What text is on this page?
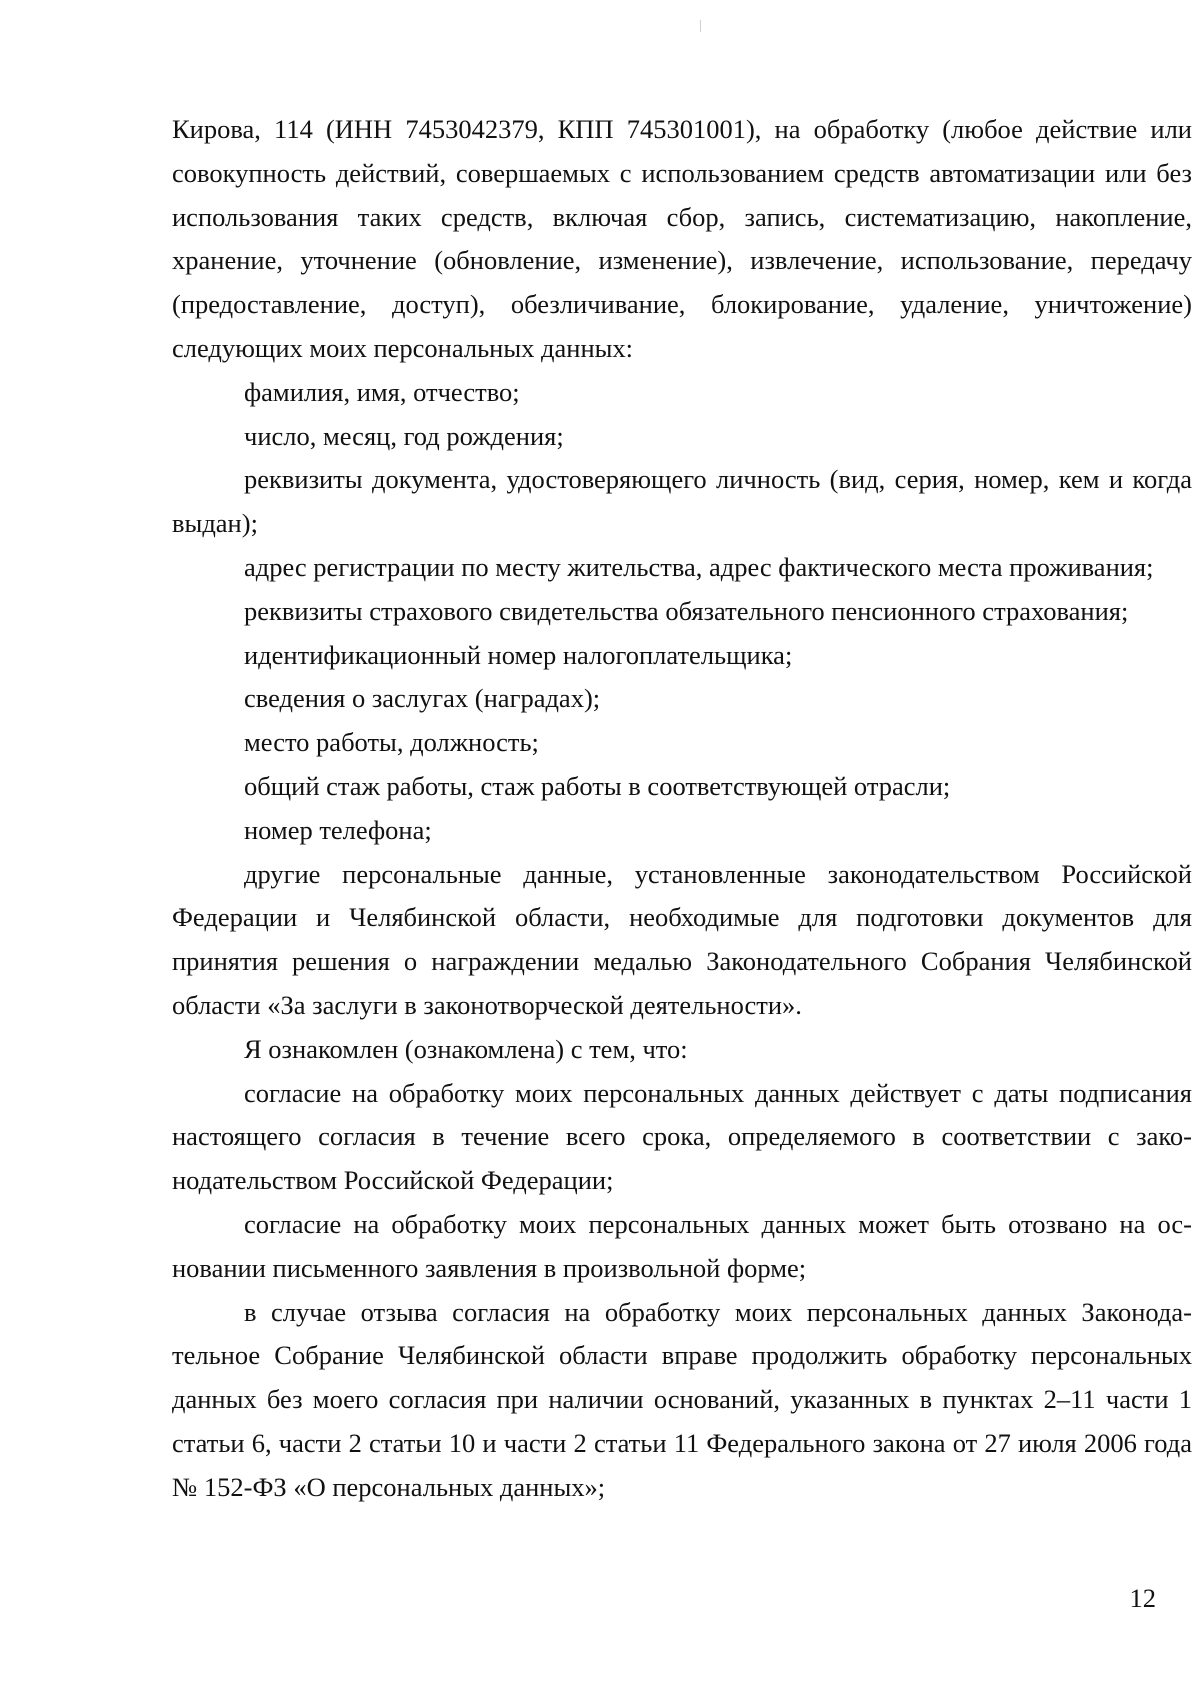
Кирова, 114 (ИНН 7453042379, КПП 745301001), на обработку (любое действие или совокупность действий, совершаемых с использованием средств автоматизации или без использования таких средств, включая сбор, запись, систематизацию, накопление, хранение, уточнение (обновление, изменение), извлечение, использование, передачу (предоставление, доступ), обезличивание, блокирование, удаление, уничтожение) следующих моих персональных данных:

фамилия, имя, отчество;

число, месяц, год рождения;

реквизиты документа, удостоверяющего личность (вид, серия, номер, кем и когда выдан);

адрес регистрации по месту жительства, адрес фактического места проживания;

реквизиты страхового свидетельства обязательного пенсионного страхования;

идентификационный номер налогоплательщика;

сведения о заслугах (наградах);

место работы, должность;

общий стаж работы, стаж работы в соответствующей отрасли;

номер телефона;

другие персональные данные, установленные законодательством Российской Федерации и Челябинской области, необходимые для подготовки документов для принятия решения о награждении медалью Законодательного Собрания Челябинской области «За заслуги в законотворческой деятельности».

Я ознакомлен (ознакомлена) с тем, что:

согласие на обработку моих персональных данных действует с даты подписания настоящего согласия в течение всего срока, определяемого в соответствии с законодательством Российской Федерации;

согласие на обработку моих персональных данных может быть отозвано на основании письменного заявления в произвольной форме;

в случае отзыва согласия на обработку моих персональных данных Законодательное Собрание Челябинской области вправе продолжить обработку персональных данных без моего согласия при наличии оснований, указанных в пунктах 2–11 части 1 статьи 6, части 2 статьи 10 и части 2 статьи 11 Федерального закона от 27 июля 2006 года № 152-ФЗ «О персональных данных»;

12
